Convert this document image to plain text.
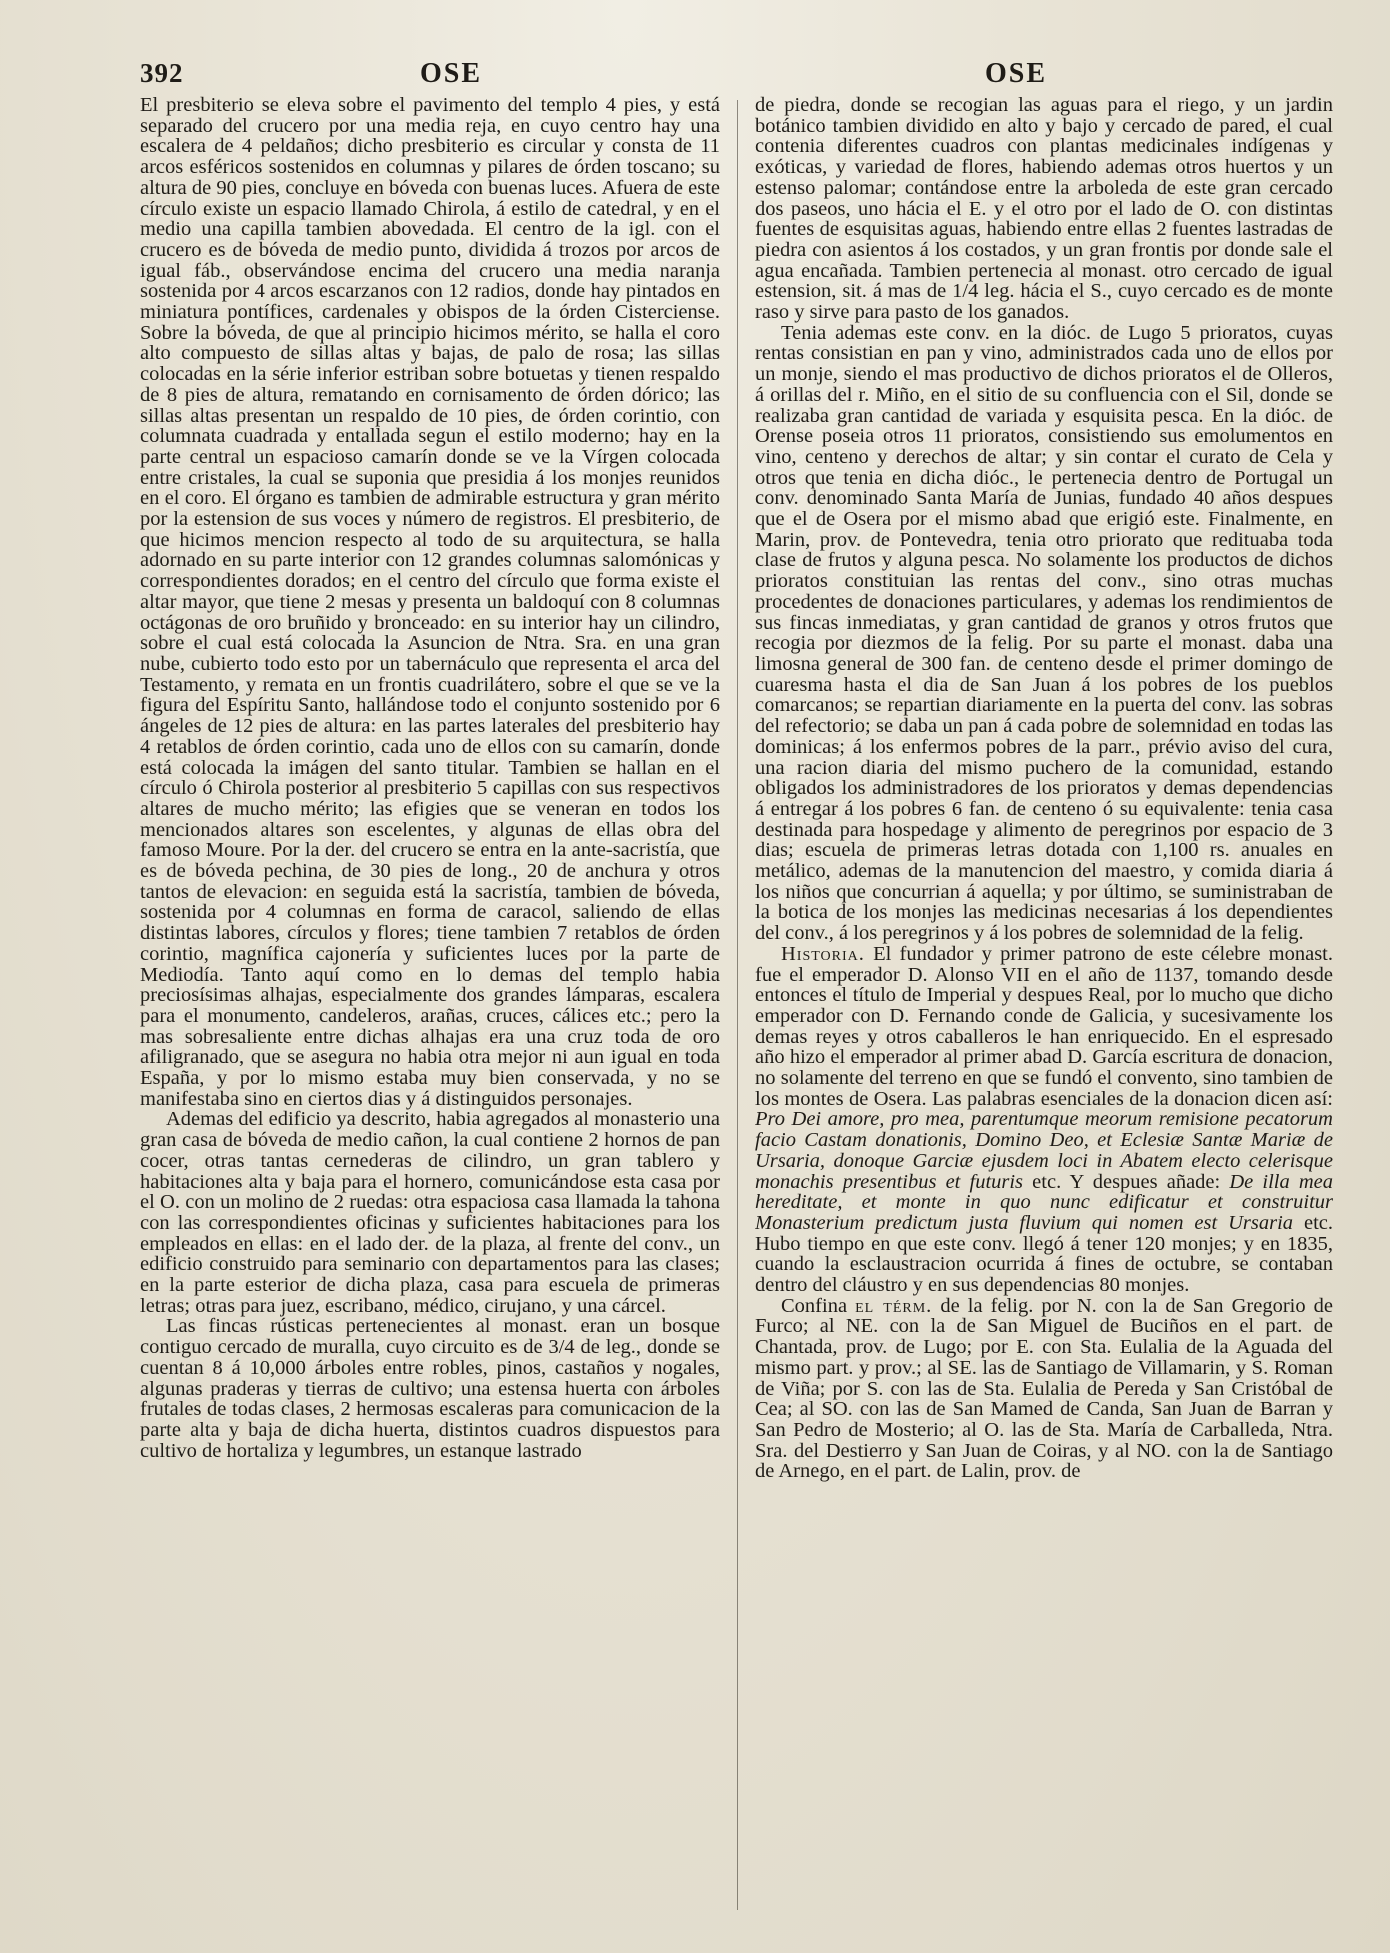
392	OSE	OSE

El presbiterio se eleva sobre el pavimento del templo 4 pies, y está separado del crucero por una media reja, en cuyo centro hay una escalera de 4 peldaños; dicho presbiterio es circular y consta de 11 arcos esféricos sostenidos en columnas y pilares de órden toscano; su altura de 90 pies, concluye en bóveda con buenas luces. Afuera de este círculo existe un espacio llamado Chirola, á estilo de catedral, y en el medio una capilla tambien abovedada. El centro de la igl. con el crucero es de bóveda de medio punto, dividida á trozos por arcos de igual fáb., observándose encima del crucero una media naranja sostenida por 4 arcos escarzanos con 12 radios, donde hay pintados en miniatura pontífices, cardenales y obispos de la órden Cisterciense. Sobre la bóveda, de que al principio hicimos mérito, se halla el coro alto compuesto de sillas altas y bajas, de palo de rosa; las sillas colocadas en la série inferior estriban sobre botuetas y tienen respaldo de 8 pies de altura, rematando en cornisamento de órden dórico; las sillas altas presentan un respaldo de 10 pies, de órden corintio, con columnata cuadrada y entallada segun el estilo moderno; hay en la parte central un espacioso camarín donde se ve la Vírgen colocada entre cristales, la cual se suponia que presidia á los monjes reunidos en el coro. El órgano es tambien de admirable estructura y gran mérito por la estension de sus voces y número de registros. El presbiterio, de que hicimos mencion respecto al todo de su arquitectura, se halla adornado en su parte interior con 12 grandes columnas salomónicas y correspondientes dorados; en el centro del círculo que forma existe el altar mayor, que tiene 2 mesas y presenta un baldoquí con 8 columnas octágonas de oro bruñido y bronceado: en su interior hay un cilindro, sobre el cual está colocada la Asuncion de Ntra. Sra. en una gran nube, cubierto todo esto por un tabernáculo que representa el arca del Testamento, y remata en un frontis cuadrilátero, sobre el que se ve la figura del Espíritu Santo, hallándose todo el conjunto sostenido por 6 ángeles de 12 pies de altura: en las partes laterales del presbiterio hay 4 retablos de órden corintio, cada uno de ellos con su camarín, donde está colocada la imágen del santo titular. Tambien se hallan en el círculo ó Chirola posterior al presbiterio 5 capillas con sus respectivos altares de mucho mérito; las efigies que se veneran en todos los mencionados altares son escelentes, y algunas de ellas obra del famoso Moure. Por la der. del crucero se entra en la ante-sacristía, que es de bóveda pechina, de 30 pies de long., 20 de anchura y otros tantos de elevacion: en seguida está la sacristía, tambien de bóveda, sostenida por 4 columnas en forma de caracol, saliendo de ellas distintas labores, círculos y flores; tiene tambien 7 retablos de órden corintio, magnífica cajonería y suficientes luces por la parte de Mediodía. Tanto aquí como en lo demas del templo habia preciosísimas alhajas, especialmente dos grandes lámparas, escalera para el monumento, candeleros, arañas, cruces, cálices etc.; pero la mas sobresaliente entre dichas alhajas era una cruz toda de oro afiligranado, que se asegura no habia otra mejor ni aun igual en toda España, y por lo mismo estaba muy bien conservada, y no se manifestaba sino en ciertos dias y á distinguidos personajes.

Ademas del edificio ya descrito, habia agregados al monasterio una gran casa de bóveda de medio cañon, la cual contiene 2 hornos de pan cocer, otras tantas cernederas de cilindro, un gran tablero y habitaciones alta y baja para el hornero, comunicándose esta casa por el O. con un molino de 2 ruedas: otra espaciosa casa llamada la tahona con las correspondientes oficinas y suficientes habitaciones para los empleados en ellas: en el lado der. de la plaza, al frente del conv., un edificio construido para seminario con departamentos para las clases; en la parte esterior de dicha plaza, casa para escuela de primeras letras; otras para juez, escribano, médico, cirujano, y una cárcel.

Las fincas rústicas pertenecientes al monast. eran un bosque contiguo cercado de muralla, cuyo circuito es de 3/4 de leg., donde se cuentan 8 á 10,000 árboles entre robles, pinos, castaños y nogales, algunas praderas y tierras de cultivo; una estensa huerta con árboles frutales de todas clases, 2 hermosas escaleras para comunicacion de la parte alta y baja de dicha huerta, distintos cuadros dispuestos para cultivo de hortaliza y legumbres, un estanque lastrado

de piedra, donde se recogian las aguas para el riego, y un jardin botánico tambien dividido en alto y bajo y cercado de pared, el cual contenia diferentes cuadros con plantas medicinales indígenas y exóticas, y variedad de flores, habiendo ademas otros huertos y un estenso palomar; contándose entre la arboleda de este gran cercado dos paseos, uno hácia el E. y el otro por el lado de O. con distintas fuentes de esquisitas aguas, habiendo entre ellas 2 fuentes lastradas de piedra con asientos á los costados, y un gran frontis por donde sale el agua encañada. Tambien pertenecia al monast. otro cercado de igual estension, sit. á mas de 1/4 leg. hácia el S., cuyo cercado es de monte raso y sirve para pasto de los ganados.

Tenia ademas este conv. en la dióc. de Lugo 5 prioratos, cuyas rentas consistian en pan y vino, administrados cada uno de ellos por un monje, siendo el mas productivo de dichos prioratos el de Olleros, á orillas del r. Miño, en el sitio de su confluencia con el Sil, donde se realizaba gran cantidad de variada y esquisita pesca. En la dióc. de Orense poseia otros 11 prioratos, consistiendo sus emolumentos en vino, centeno y derechos de altar; y sin contar el curato de Cela y otros que tenia en dicha dióc., le pertenecia dentro de Portugal un conv. denominado Santa María de Junias, fundado 40 años despues que el de Osera por el mismo abad que erigió este. Finalmente, en Marin, prov. de Pontevedra, tenia otro priorato que redituaba toda clase de frutos y alguna pesca. No solamente los productos de dichos prioratos constituian las rentas del conv., sino otras muchas procedentes de donaciones particulares, y ademas los rendimientos de sus fincas inmediatas, y gran cantidad de granos y otros frutos que recogia por diezmos de la felig. Por su parte el monast. daba una limosna general de 300 fan. de centeno desde el primer domingo de cuaresma hasta el dia de San Juan á los pobres de los pueblos comarcanos; se repartian diariamente en la puerta del conv. las sobras del refectorio; se daba un pan á cada pobre de solemnidad en todas las dominicas; á los enfermos pobres de la parr., prévio aviso del cura, una racion diaria del mismo puchero de la comunidad, estando obligados los administradores de los prioratos y demas dependencias á entregar á los pobres 6 fan. de centeno ó su equivalente: tenia casa destinada para hospedage y alimento de peregrinos por espacio de 3 dias; escuela de primeras letras dotada con 1,100 rs. anuales en metálico, ademas de la manutencion del maestro, y comida diaria á los niños que concurrian á aquella; y por último, se suministraban de la botica de los monjes las medicinas necesarias á los dependientes del conv., á los peregrinos y á los pobres de solemnidad de la felig.

Historia. El fundador y primer patrono de este célebre monast. fue el emperador D. Alonso VII en el año de 1137, tomando desde entonces el título de Imperial y despues Real, por lo mucho que dicho emperador con D. Fernando conde de Galicia, y sucesivamente los demas reyes y otros caballeros le han enriquecido. En el espresado año hizo el emperador al primer abad D. García escritura de donacion, no solamente del terreno en que se fundó el convento, sino tambien de los montes de Osera. Las palabras esenciales de la donacion dicen así: Pro Dei amore, pro mea, parentumque meorum remisione pecatorum facio Castam donationis, Domino Deo, et Eclesiæ Santæ Mariæ de Ursaria, donoque Garciæ ejusdem loci in Abatem electo celerisque monachis presentibus et futuris etc. Y despues añade: De illa mea hereditate, et monte in quo nunc edificatur et construitur Monasterium predictum justa fluvium qui nomen est Ursaria etc. Hubo tiempo en que este conv. llegó á tener 120 monjes; y en 1835, cuando la esclaustracion ocurrida á fines de octubre, se contaban dentro del cláustro y en sus dependencias 80 monjes.

Confina el térm. de la felig. por N. con la de San Gregorio de Furco; al NE. con la de San Miguel de Buciños en el part. de Chantada, prov. de Lugo; por E. con Sta. Eulalia de la Aguada del mismo part. y prov.; al SE. las de Santiago de Villamarin, y S. Roman de Viña; por S. con las de Sta. Eulalia de Pereda y San Cristóbal de Cea; al SO. con las de San Mamed de Canda, San Juan de Barran y San Pedro de Mosterio; al O. las de Sta. María de Carballeda, Ntra. Sra. del Destierro y San Juan de Coiras, y al NO. con la de Santiago de Arnego, en el part. de Lalin, prov. de
